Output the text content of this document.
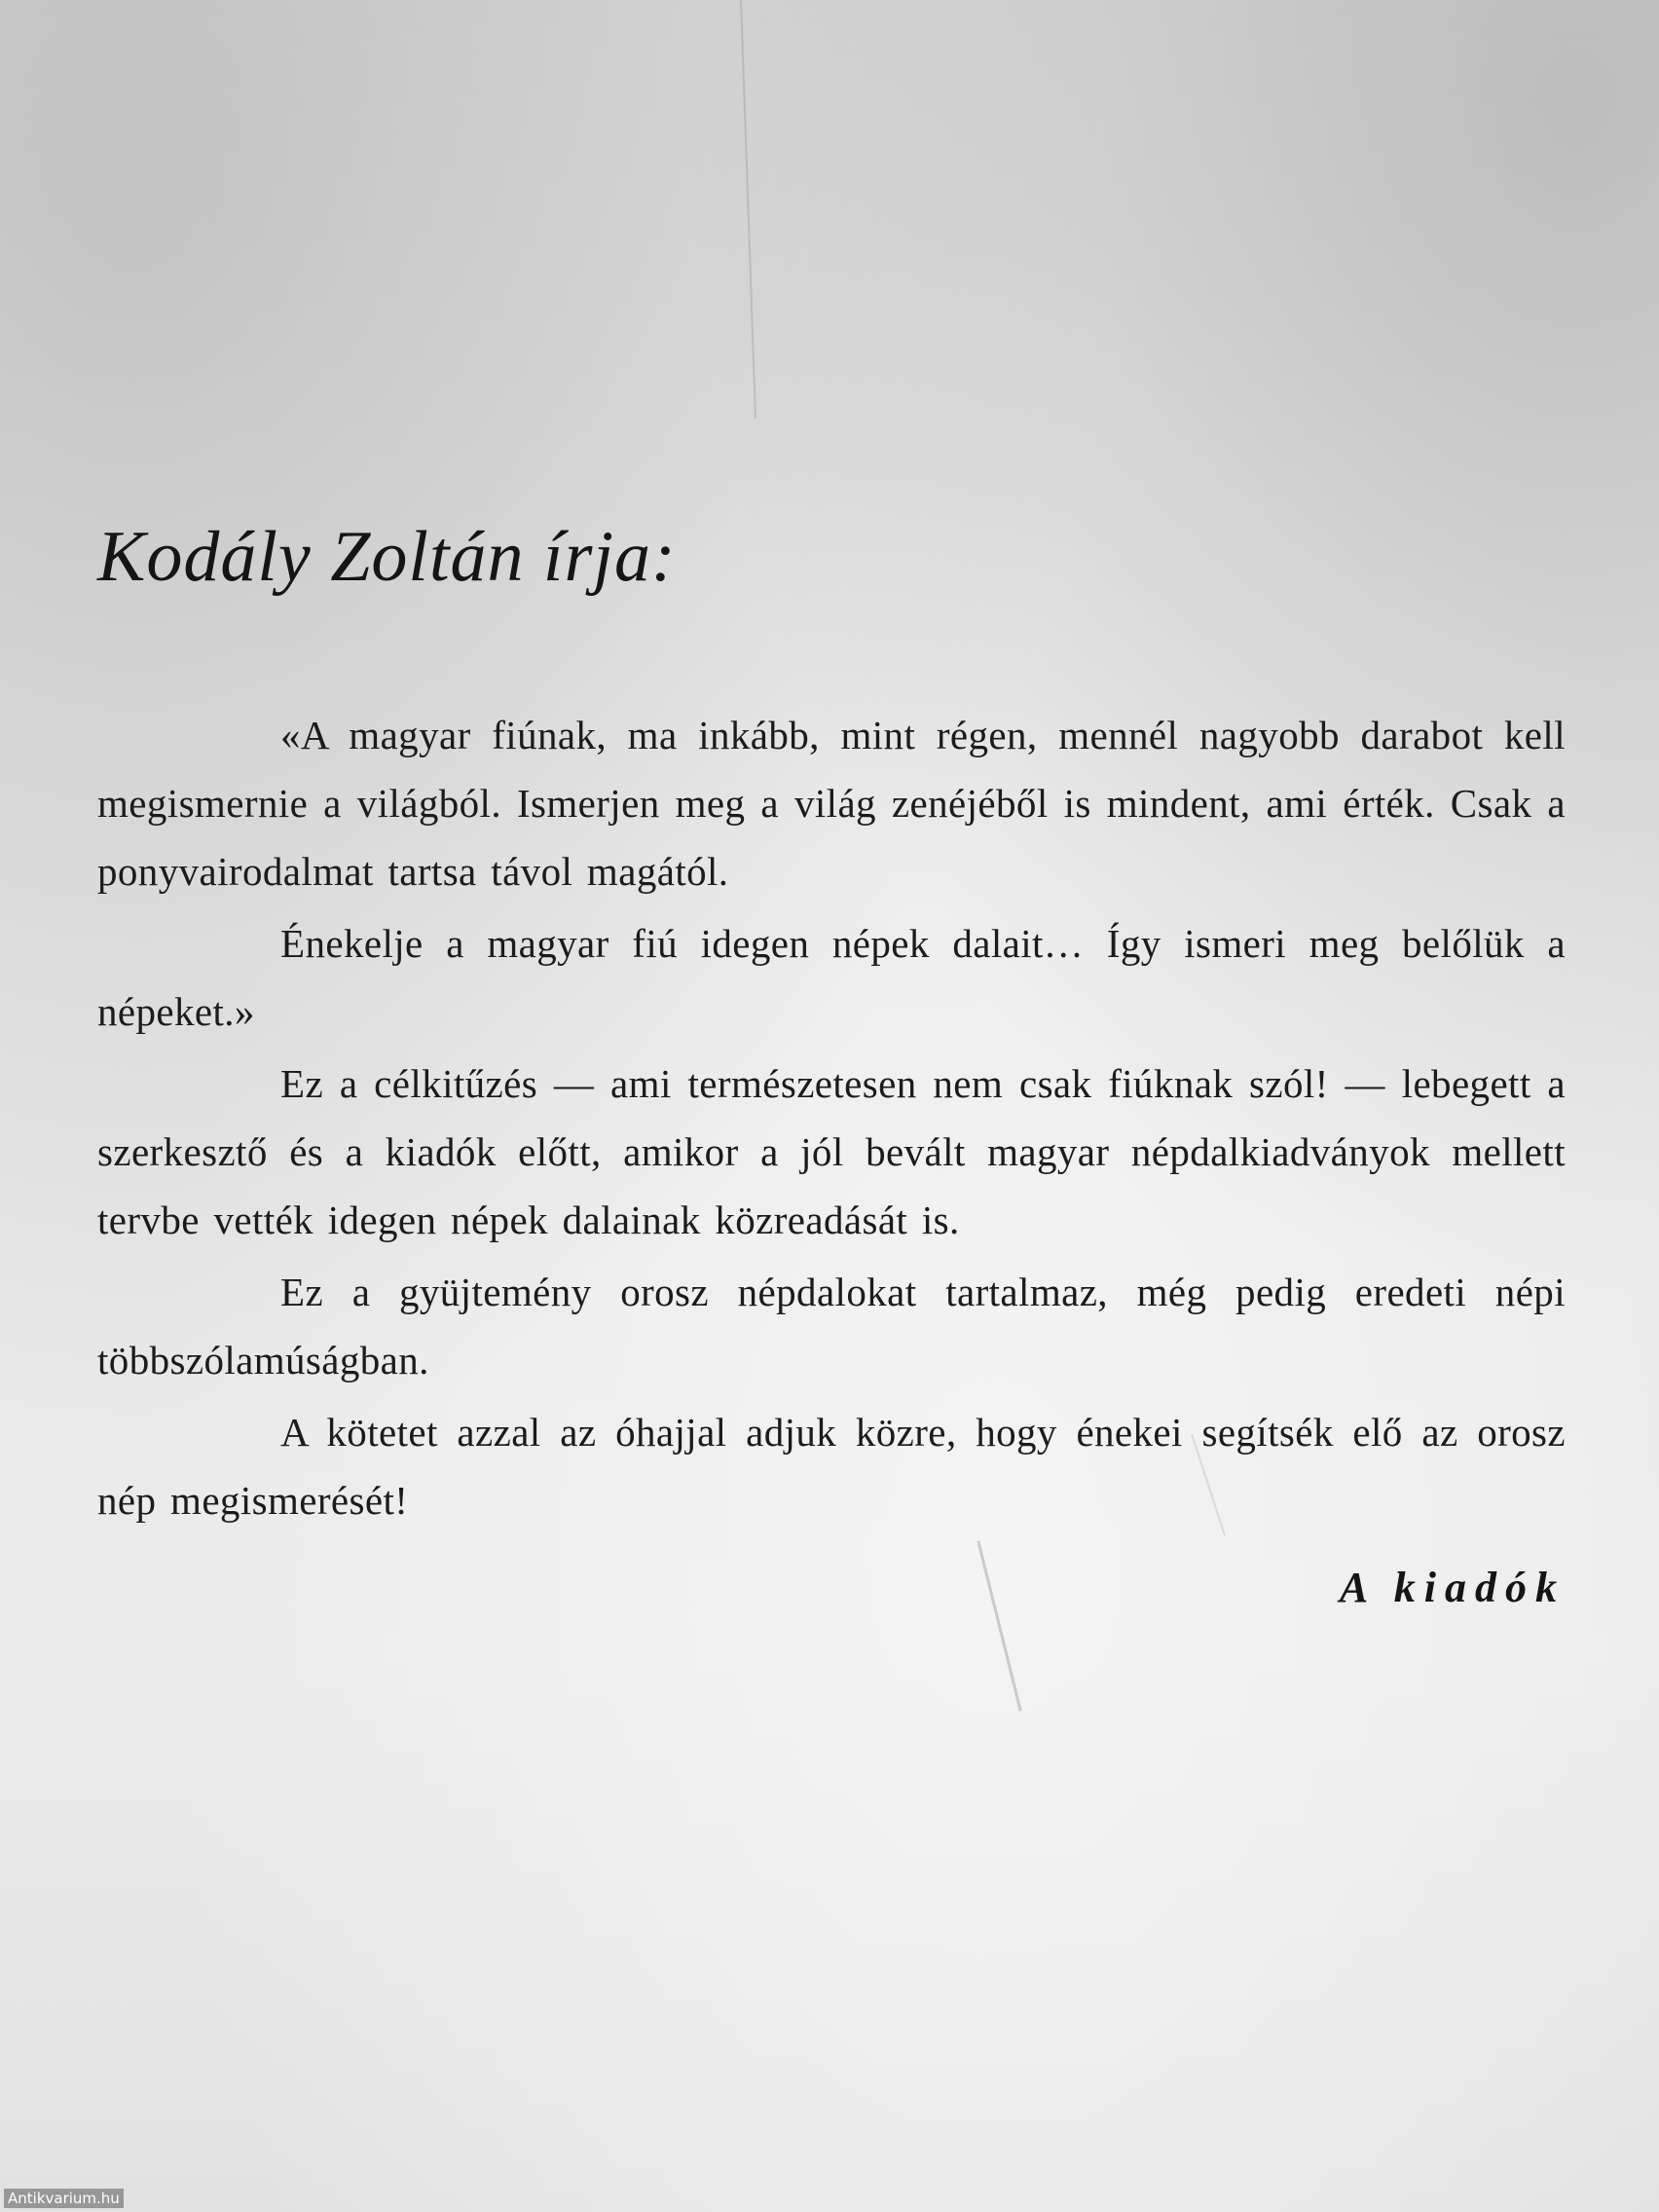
Kodály Zoltán írja:

«A magyar fiúnak, ma inkább, mint régen, mennél nagyobb darabot kell megismernie a világból. Ismerjen meg a világ zenéjéből is mindent, ami érték. Csak a ponyvairodalmat tartsa távol magától.

Énekelje a magyar fiú idegen népek dalait… Így ismeri meg belőlük a népeket.»

Ez a célkitűzés — ami természetesen nem csak fiúknak szól! — lebegett a szerkesztő és a kiadók előtt, amikor a jól bevált magyar népdalkiadványok mellett tervbe vették idegen népek dalainak közreadását is.

Ez a gyüjtemény orosz népdalokat tartalmaz, még pedig eredeti népi többszólamúságban.

A kötetet azzal az óhajjal adjuk közre, hogy énekei segítsék elő az orosz nép megismerését!

A kiadók

Antikvarium.hu
